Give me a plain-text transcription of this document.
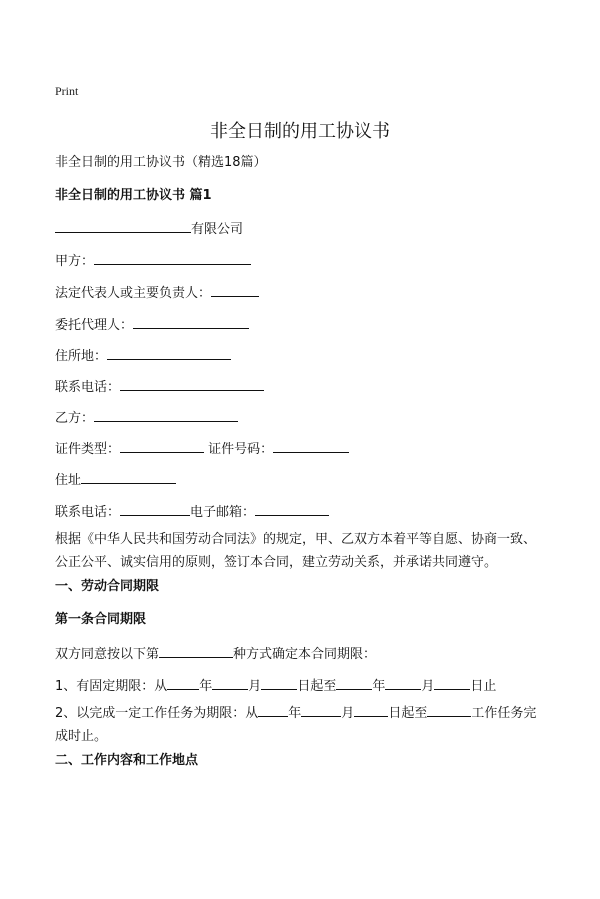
Print
非全日制的用工协议书
非全日制的用工协议书（精选18篇）
非全日制的用工协议书 篇1
有限公司
甲方：
法定代表人或主要负责人：
委托代理人：
住所地：
联系电话：
乙方：
证件类型：	证件号码：
住址
联系电话：	电子邮箱：
根据《中华人民共和国劳动合同法》的规定，甲、乙双方本着平等自愿、协商一致、公正公平、诚实信用的原则，签订本合同，建立劳动关系，并承诺共同遵守。
一、劳动合同期限
第一条合同期限
双方同意按以下第	种方式确定本合同期限：
1、有固定期限：从 年	月	日起至	年	月	日止
2、以完成一定工作任务为期限：从 年	月	日起至	工作任务完成时止。
二、工作内容和工作地点
